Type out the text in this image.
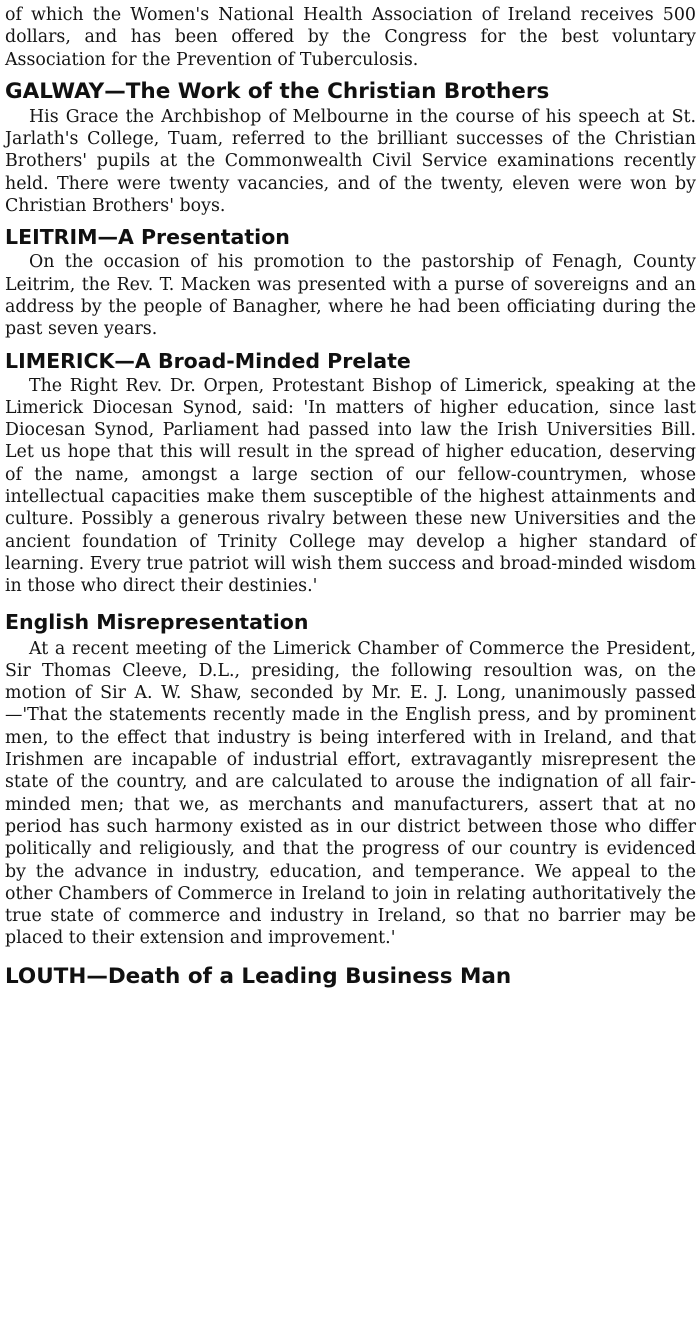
of which the Women's National Health Association of Ireland receives 500 dollars, and has been offered by the Congress for the best voluntary Association for the Prevention of Tuberculosis.

GALWAY—The Work of the Christian Brothers

His Grace the Archbishop of Melbourne in the course of his speech at St. Jarlath's College, Tuam, referred to the brilliant successes of the Christian Brothers' pupils at the Commonwealth Civil Service examinations recently held. There were twenty vacancies, and of the twenty, eleven were won by Christian Brothers' boys.

LEITRIM—A Presentation

On the occasion of his promotion to the pastorship of Fenagh, County Leitrim, the Rev. T. Macken was presented with a purse of sovereigns and an address by the people of Banagher, where he had been officiating during the past seven years.

LIMERICK—A Broad-Minded Prelate

The Right Rev. Dr. Orpen, Protestant Bishop of Limerick, speaking at the Limerick Diocesan Synod, said: 'In matters of higher education, since last Diocesan Synod, Parliament had passed into law the Irish Universities Bill. Let us hope that this will result in the spread of higher education, deserving of the name, amongst a large section of our fellow-countrymen, whose intellectual capacities make them susceptible of the highest attainments and culture. Possibly a generous rivalry between these new Universities and the ancient foundation of Trinity College may develop a higher standard of learning. Every true patriot will wish them success and broad-minded wisdom in those who direct their destinies.'

English Misrepresentation

At a recent meeting of the Limerick Chamber of Commerce the President, Sir Thomas Cleeve, D.L., presiding, the following resoultion was, on the motion of Sir A. W. Shaw, seconded by Mr. E. J. Long, unanimously passed—'That the statements recently made in the English press, and by prominent men, to the effect that industry is being interfered with in Ireland, and that Irishmen are incapable of industrial effort, extravagantly misrepresent the state of the country, and are calculated to arouse the indignation of all fair-minded men; that we, as merchants and manufacturers, assert that at no period has such harmony existed as in our district between those who differ politically and religiously, and that the progress of our country is evidenced by the advance in industry, education, and temperance. We appeal to the other Chambers of Commerce in Ireland to join in relating authoritatively the true state of commerce and industry in Ireland, so that no barrier may be placed to their extension and improvement.'

LOUTH—Death of a Leading Business Man
